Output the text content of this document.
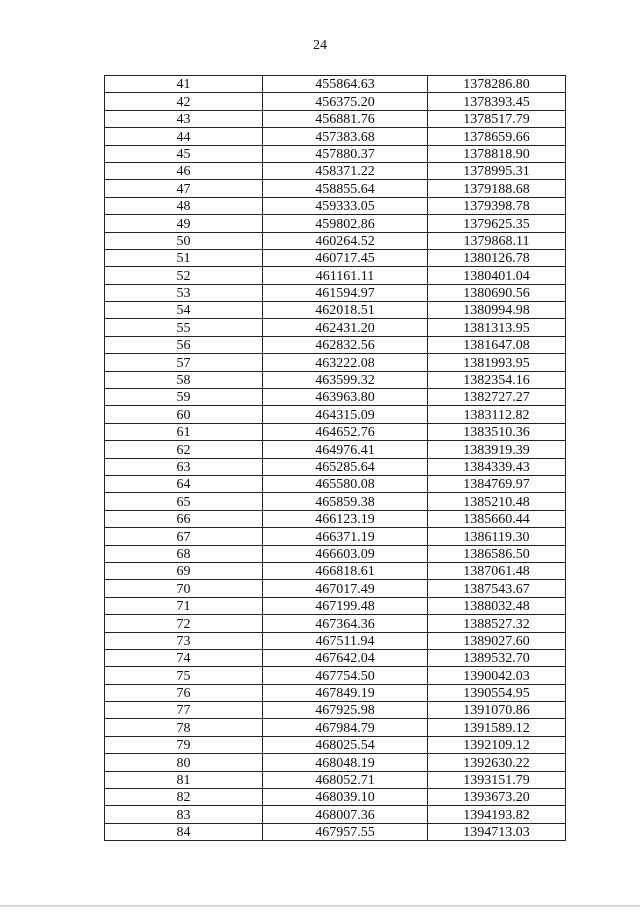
24
41	455864.63	1378286.80
42	456375.20	1378393.45
43	456881.76	1378517.79
44	457383.68	1378659.66
45	457880.37	1378818.90
46	458371.22	1378995.31
47	458855.64	1379188.68
48	459333.05	1379398.78
49	459802.86	1379625.35
50	460264.52	1379868.11
51	460717.45	1380126.78
52	461161.11	1380401.04
53	461594.97	1380690.56
54	462018.51	1380994.98
55	462431.20	1381313.95
56	462832.56	1381647.08
57	463222.08	1381993.95
58	463599.32	1382354.16
59	463963.80	1382727.27
60	464315.09	1383112.82
61	464652.76	1383510.36
62	464976.41	1383919.39
63	465285.64	1384339.43
64	465580.08	1384769.97
65	465859.38	1385210.48
66	466123.19	1385660.44
67	466371.19	1386119.30
68	466603.09	1386586.50
69	466818.61	1387061.48
70	467017.49	1387543.67
71	467199.48	1388032.48
72	467364.36	1388527.32
73	467511.94	1389027.60
74	467642.04	1389532.70
75	467754.50	1390042.03
76	467849.19	1390554.95
77	467925.98	1391070.86
78	467984.79	1391589.12
79	468025.54	1392109.12
80	468048.19	1392630.22
81	468052.71	1393151.79
82	468039.10	1393673.20
83	468007.36	1394193.82
84	467957.55	1394713.03
